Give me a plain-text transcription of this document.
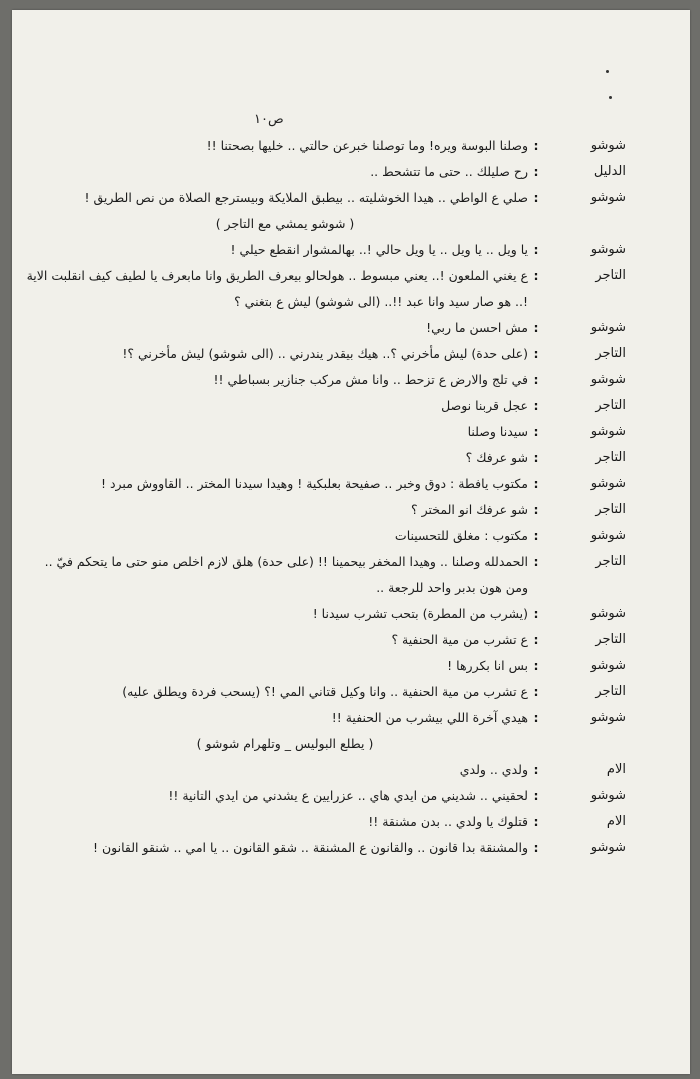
ص١٠
شوشو
:
وصلنا البوسة ويره! وما توصلنا خبرعن حالتي .. خليها بصحتنا !!
الدليل
:
رح صليلك .. حتى ما تتشحط ..
شوشو
:
صلي ع الواطي .. هيدا الخوشليته .. بيطبق الملايكة وبيسترجع الصلاة من نص الطريق !
( شوشو يمشي مع التاجر )
شوشو
:
يا ويل .. يا ويل .. يا ويل حالي !.. بهالمشوار انقطع حيلي !
التاجر
:
ع يغني الملعون !.. يعني مبسوط .. هولحالو بيعرف الطريق وانا مابعرف يا لطيف كيف انقلبت الاية !.. هو صار سيد وانا عبد !!.. (الى شوشو) ليش ع بتغني ؟
شوشو
:
مش احسن ما ربي!
التاجر
:
(على حدة) ليش مأخرني ؟.. هيك بيقدر يندرني .. (الى شوشو) ليش مأخرني ؟!
شوشو
:
في تلج والارض ع تزحط .. وانا مش مركب جنازير بسباطي !!
التاجر
:
عجل قربنا نوصل
شوشو
:
سيدنا وصلنا
التاجر
:
شو عرفك ؟
شوشو
:
مكتوب يافطة : دوق وخبر .. صفيحة بعلبكية ! وهيدا سيدنا المختر .. القاووش مبرد !
التاجر
:
شو عرفك انو المختر ؟
شوشو
:
مكتوب : مغلق للتحسينات
التاجر
:
الحمدلله وصلنا .. وهيدا المخفر بيحمينا !! (على حدة) هلق لازم اخلص منو حتى ما يتحكم فيّ .. ومن هون بدبر واحد للرجعة ..
شوشو
:
(يشرب من المطرة) بتحب تشرب سيدنا !
التاجر
:
ع تشرب من مية الحنفية ؟
شوشو
:
بس انا بكررها !
التاجر
:
ع تشرب من مية الحنفية .. وانا وكيل قتاني المي !؟ (يسحب فردة ويطلق عليه)
شوشو
:
هيدي آخرة اللي بيشرب من الحنفية !!
( يطلع البوليس _ وتلهرام شوشو )
الام
:
ولدي .. ولدي
شوشو
:
لحقيني .. شديني من ايدي هاي .. عزرايين ع يشدني من ايدي التانية !!
الام
:
قتلوك يا ولدي .. بدن مشنقة !!
شوشو
:
والمشنقة بدا قانون .. والقانون ع المشنقة .. شقو القانون .. يا امي .. شنقو القانون !
